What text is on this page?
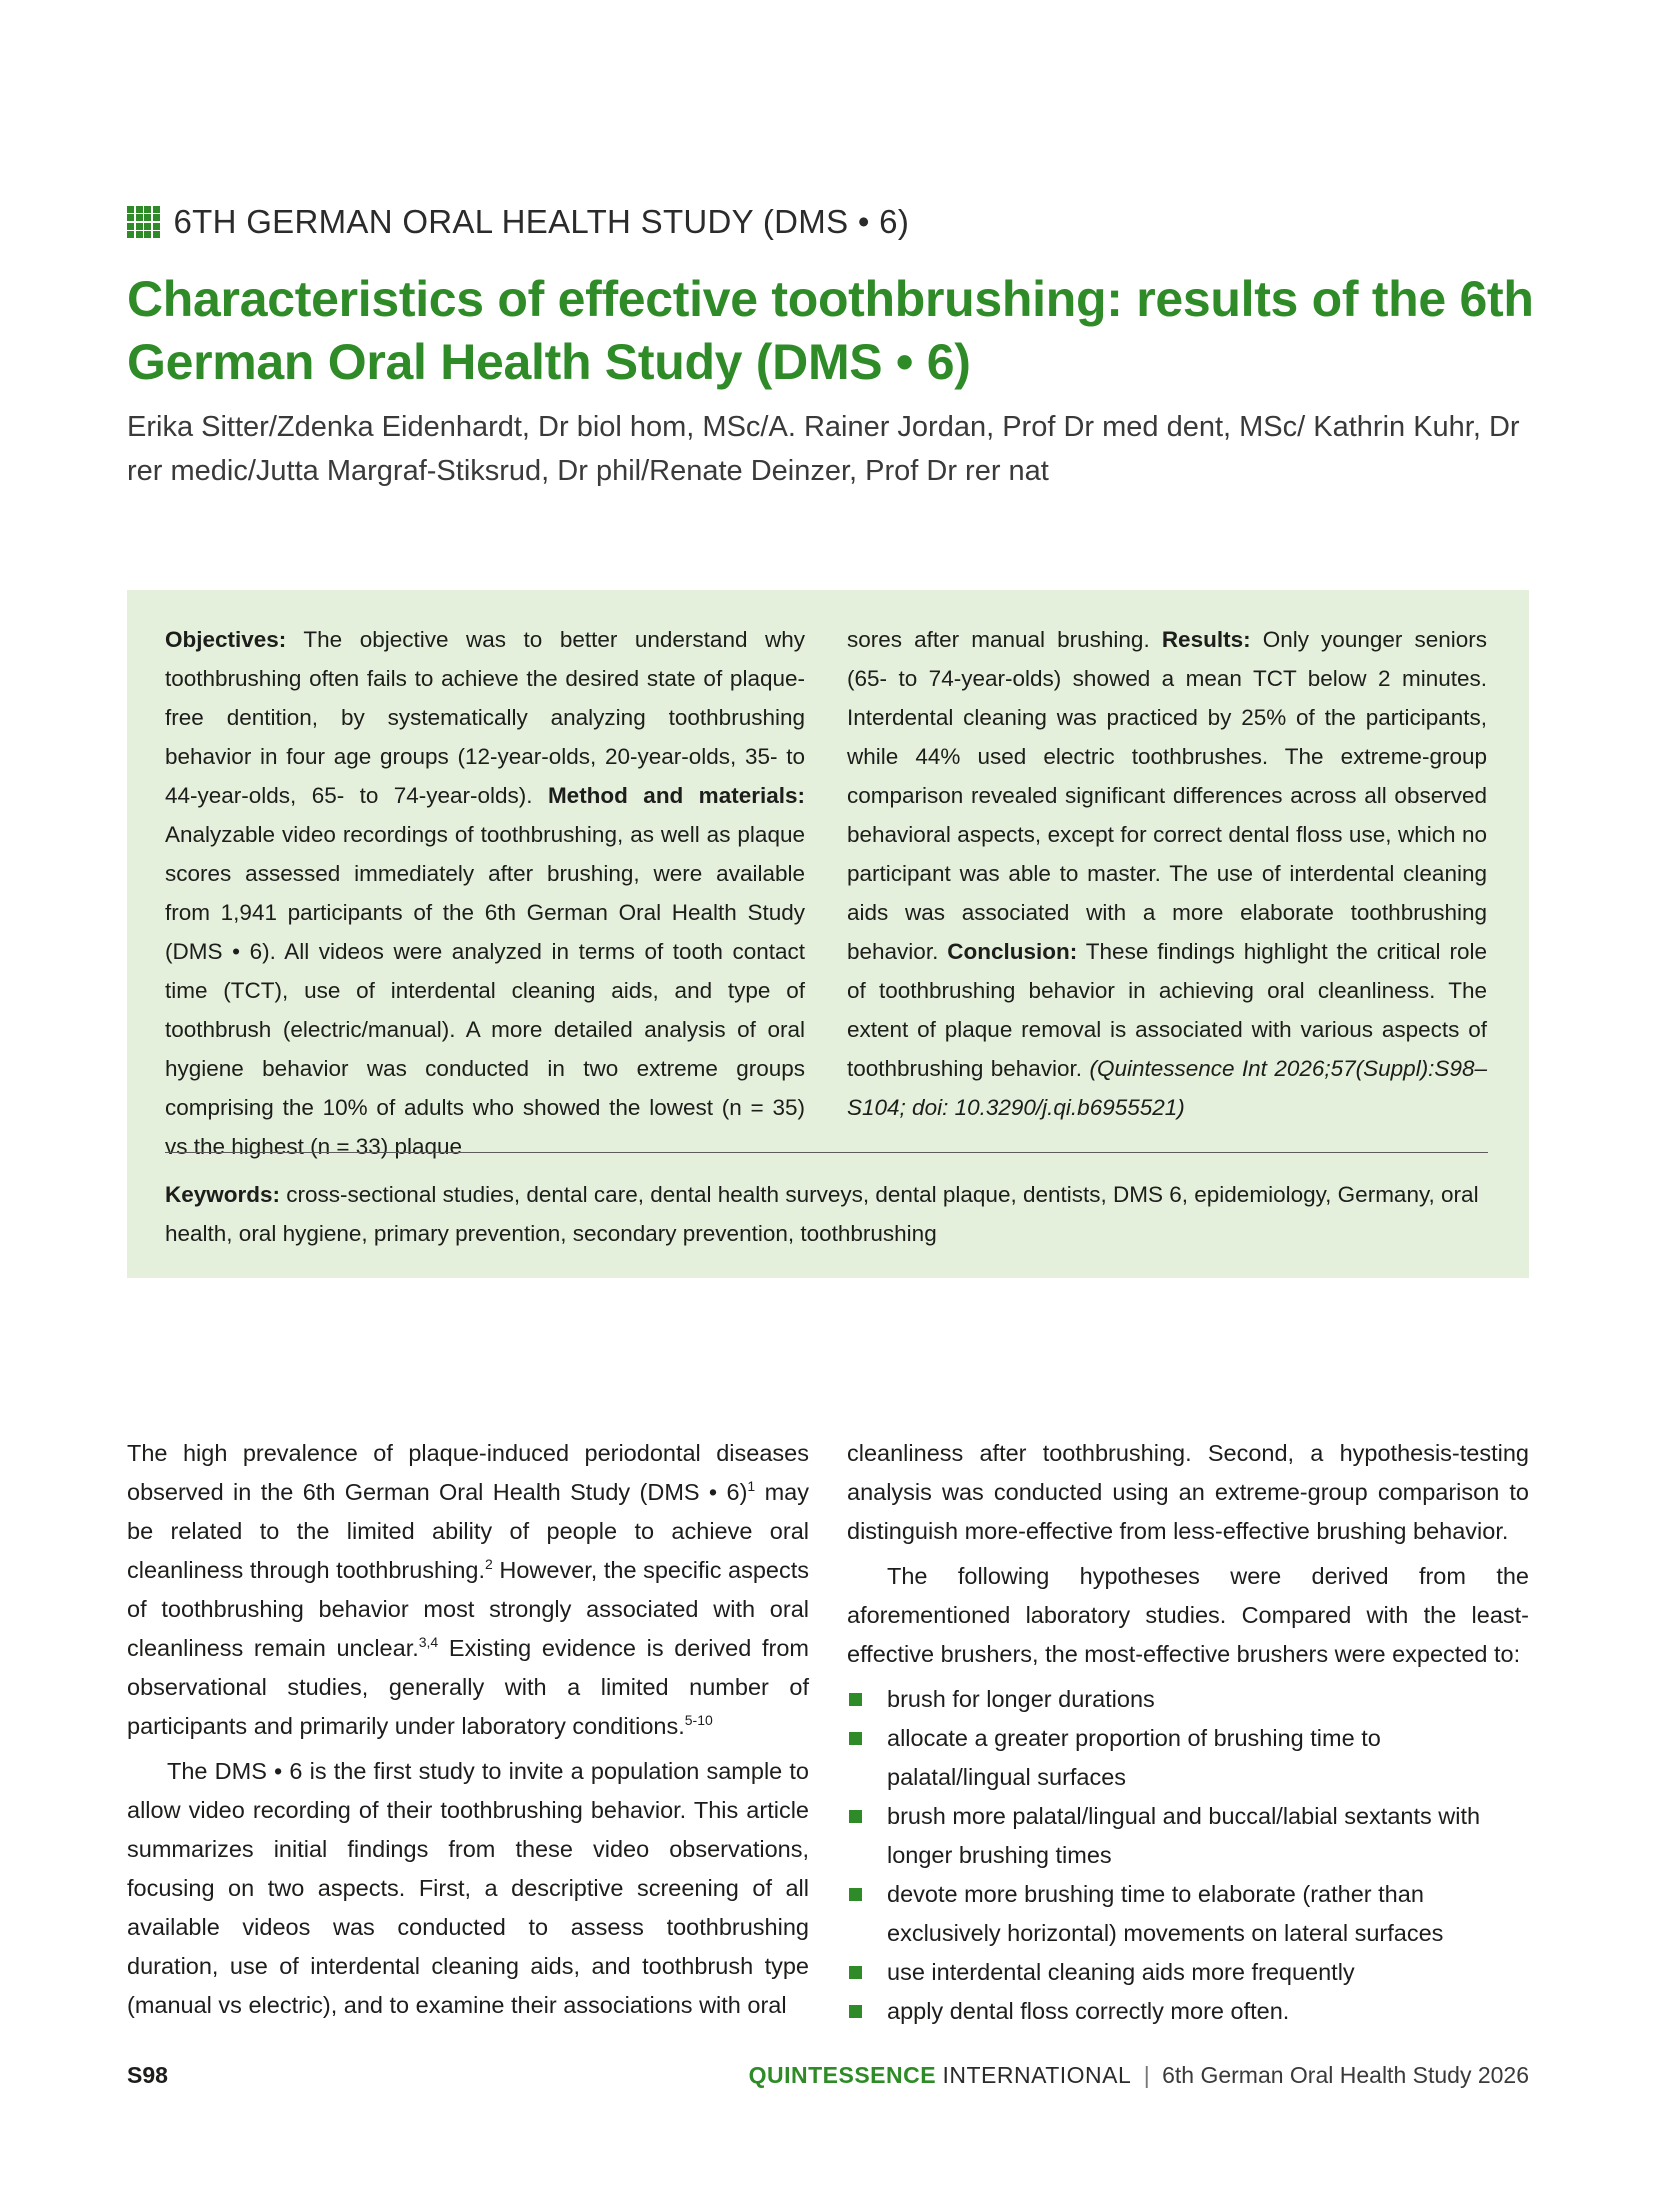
6TH GERMAN ORAL HEALTH STUDY (DMS • 6)
Characteristics of effective toothbrushing: results of the 6th German Oral Health Study (DMS • 6)
Erika Sitter/Zdenka Eidenhardt, Dr biol hom, MSc/A. Rainer Jordan, Prof Dr med dent, MSc/ Kathrin Kuhr, Dr rer medic/Jutta Margraf-Stiksrud, Dr phil/Renate Deinzer, Prof Dr rer nat
Objectives: The objective was to better understand why toothbrushing often fails to achieve the desired state of plaque-free dentition, by systematically analyzing toothbrushing behavior in four age groups (12-year-olds, 20-year-olds, 35- to 44-year-olds, 65- to 74-year-olds). Method and materials: Analyzable video recordings of toothbrushing, as well as plaque scores assessed immediately after brushing, were available from 1,941 participants of the 6th German Oral Health Study (DMS • 6). All videos were analyzed in terms of tooth contact time (TCT), use of interdental cleaning aids, and type of toothbrush (electric/manual). A more detailed analysis of oral hygiene behavior was conducted in two extreme groups comprising the 10% of adults who showed the lowest (n = 35) vs the highest (n = 33) plaque
sores after manual brushing. Results: Only younger seniors (65- to 74-year-olds) showed a mean TCT below 2 minutes. Interdental cleaning was practiced by 25% of the participants, while 44% used electric toothbrushes. The extreme-group comparison revealed significant differences across all observed behavioral aspects, except for correct dental floss use, which no participant was able to master. The use of interdental cleaning aids was associated with a more elaborate toothbrushing behavior. Conclusion: These findings highlight the critical role of toothbrushing behavior in achieving oral cleanliness. The extent of plaque removal is associated with various aspects of toothbrushing behavior. (Quintessence Int 2026;57(Suppl):S98–S104; doi: 10.3290/j.qi.b6955521)
Keywords: cross-sectional studies, dental care, dental health surveys, dental plaque, dentists, DMS 6, epidemiology, Germany, oral health, oral hygiene, primary prevention, secondary prevention, toothbrushing

The high prevalence of plaque-induced periodontal diseases observed in the 6th German Oral Health Study (DMS • 6)$^1$ may be related to the limited ability of people to achieve oral cleanliness through toothbrushing.$^2$ However, the specific aspects of toothbrushing behavior most strongly associated with oral cleanliness remain unclear.$^{3,4}$ Existing evidence is derived from observational studies, generally with a limited number of participants and primarily under laboratory conditions.$^{5-10}$

The DMS • 6 is the first study to invite a population sample to allow video recording of their toothbrushing behavior. This article summarizes initial findings from these video observations, focusing on two aspects. First, a descriptive screening of all available videos was conducted to assess toothbrushing duration, use of interdental cleaning aids, and toothbrush type (manual vs electric), and to examine their associations with oral

cleanliness after toothbrushing. Second, a hypothesis-testing analysis was conducted using an extreme-group comparison to distinguish more-effective from less-effective brushing behavior.

The following hypotheses were derived from the aforementioned laboratory studies. Compared with the least-effective brushers, the most-effective brushers were expected to:

brush for longer durations
allocate a greater proportion of brushing time to palatal/lingual surfaces
brush more palatal/lingual and buccal/labial sextants with longer brushing times
devote more brushing time to elaborate (rather than exclusively horizontal) movements on lateral surfaces
use interdental cleaning aids more frequently
apply dental floss correctly more often.
S98	QUINTESSENCE INTERNATIONAL | 6th German Oral Health Study 2026
